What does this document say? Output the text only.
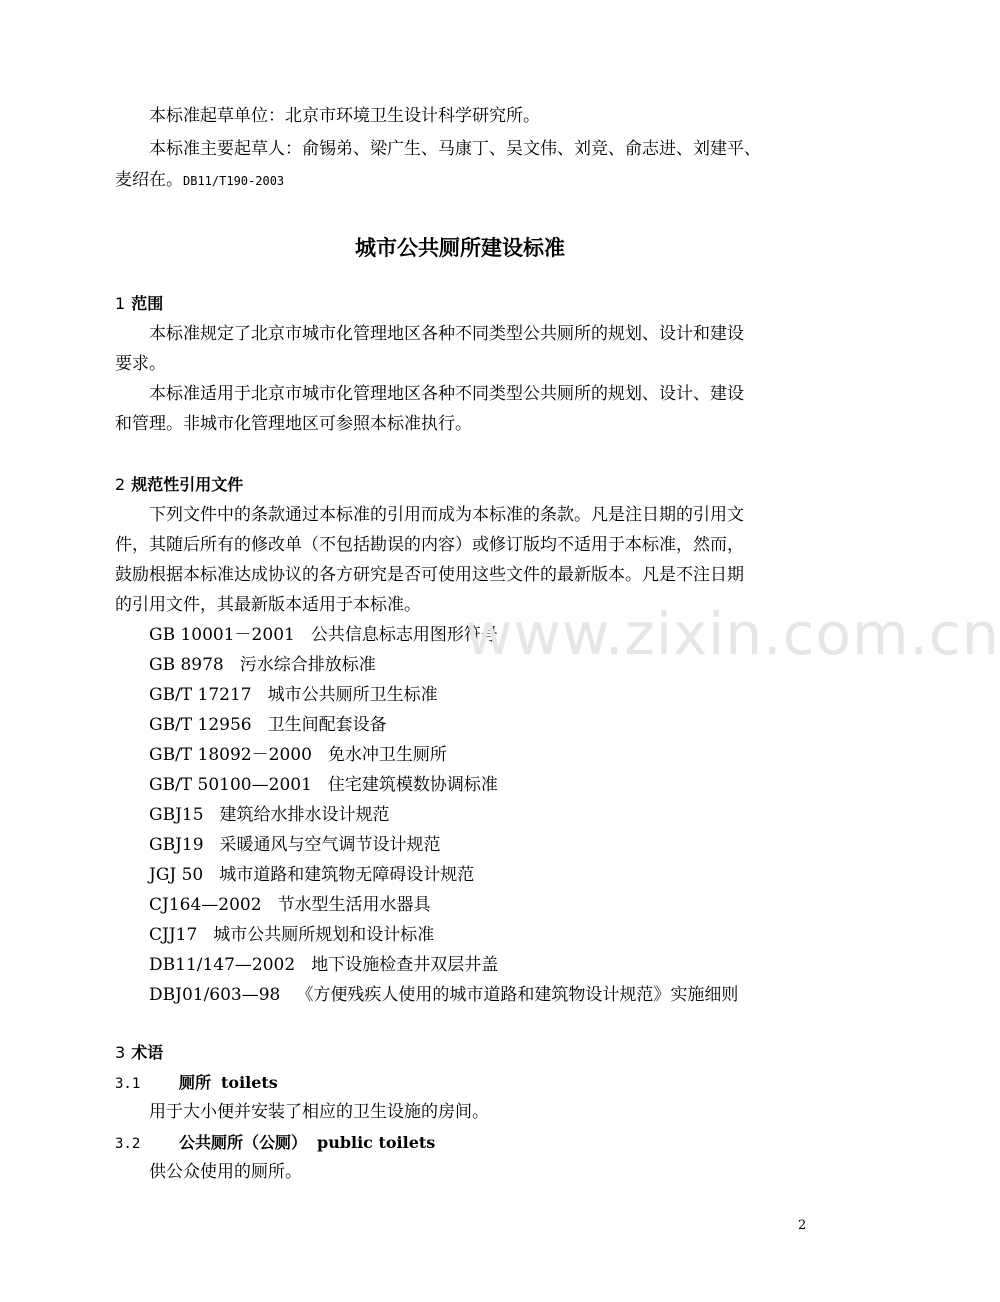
本标准起草单位：北京市环境卫生设计科学研究所。
本标准主要起草人：俞锡弟、梁广生、马康丁、吴文伟、刘竞、俞志进、刘建平、
麦绍在。DB11/T190-2003
城市公共厕所建设标准
1 范围
本标准规定了北京市城市化管理地区各种不同类型公共厕所的规划、设计和建设
要求。
本标准适用于北京市城市化管理地区各种不同类型公共厕所的规划、设计、建设
和管理。非城市化管理地区可参照本标准执行。
2 规范性引用文件
下列文件中的条款通过本标准的引用而成为本标准的条款。凡是注日期的引用文
件，其随后所有的修改单（不包括勘误的内容）或修订版均不适用于本标准，然而，
鼓励根据本标准达成协议的各方研究是否可使用这些文件的最新版本。凡是不注日期
的引用文件，其最新版本适用于本标准。
GB 10001－2001 公共信息标志用图形符号
GB 8978 污水综合排放标准
GB/T 17217 城市公共厕所卫生标准
GB/T 12956 卫生间配套设备
GB/T 18092－2000 免水冲卫生厕所
GB/T 50100—2001 住宅建筑模数协调标准
GBJ15 建筑给水排水设计规范
GBJ19 采暖通风与空气调节设计规范
JGJ 50 城市道路和建筑物无障碍设计规范
CJ164—2002 节水型生活用水器具
CJJ17 城市公共厕所规划和设计标准
DB11/147—2002 地下设施检查井双层井盖
DBJ01/603—98 《方便残疾人使用的城市道路和建筑物设计规范》实施细则
3 术语
3.1 厕所 toilets
用于大小便并安装了相应的卫生设施的房间。
3.2 公共厕所（公厕） public toilets
供公众使用的厕所。
www.zixin.com.cn
2
